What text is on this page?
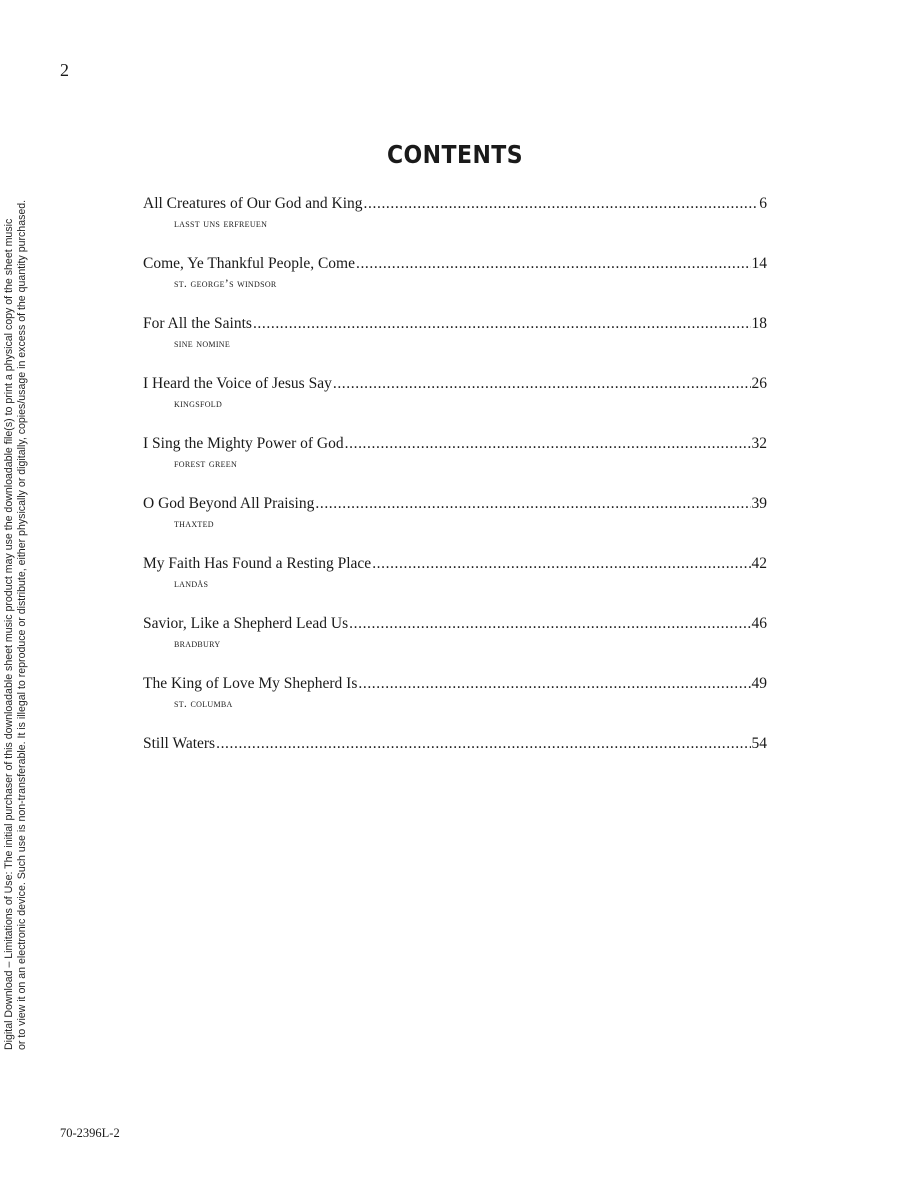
2
Digital Download – Limitations of Use: The initial purchaser of this downloadable sheet music product may use the downloadable file(s) to print a physical copy of the sheet music or to view it on an electronic device. Such use is non-transferable. It is illegal to reproduce or distribute, either physically or digitally, copies/usage in excess of the quantity purchased.
CONTENTS
All Creatures of Our God and King .....	6
lasst uns erfreuen
Come, Ye Thankful People, Come .....	14
st. george’s windsor
For All the Saints .....	18
sine nomine
I Heard the Voice of Jesus Say .....	26
kingsfold
I Sing the Mighty Power of God .....	32
forest green
O God Beyond All Praising .....	39
thaxted
My Faith Has Found a Resting Place .....	42
landås
Savior, Like a Shepherd Lead Us .....	46
bradbury
The King of Love My Shepherd Is .....	49
st. columba
Still Waters .....	54
70-2396L-2
